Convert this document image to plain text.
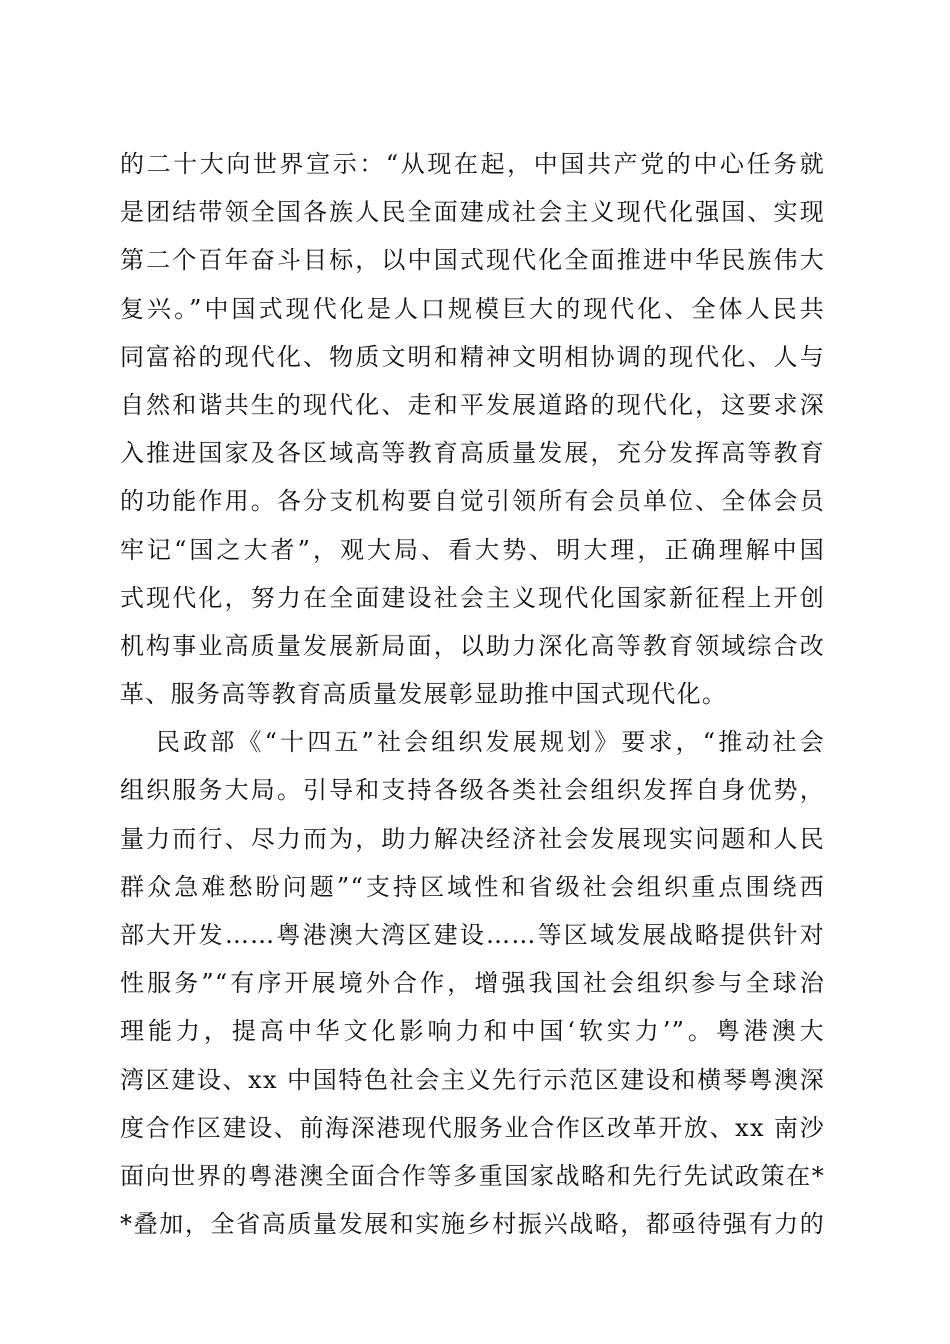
的二十大向世界宣示：“从现在起，中国共产党的中心任务就
是团结带领全国各族人民全面建成社会主义现代化强国、实现
第二个百年奋斗目标，以中国式现代化全面推进中华民族伟大
复兴。”中国式现代化是人口规模巨大的现代化、全体人民共
同富裕的现代化、物质文明和精神文明相协调的现代化、人与
自然和谐共生的现代化、走和平发展道路的现代化，这要求深
入推进国家及各区域高等教育高质量发展，充分发挥高等教育
的功能作用。各分支机构要自觉引领所有会员单位、全体会员
牢记“国之大者”，观大局、看大势、明大理，正确理解中国
式现代化，努力在全面建设社会主义现代化国家新征程上开创
机构事业高质量发展新局面，以助力深化高等教育领域综合改
革、服务高等教育高质量发展彰显助推中国式现代化。
民政部《“十四五”社会组织发展规划》要求，“推动社会
组织服务大局。引导和支持各级各类社会组织发挥自身优势，
量力而行、尽力而为，助力解决经济社会发展现实问题和人民
群众急难愁盼问题”“支持区域性和省级社会组织重点围绕西
部大开发……粤港澳大湾区建设……等区域发展战略提供针对
性服务”“有序开展境外合作，增强我国社会组织参与全球治
理能力，提高中华文化影响力和中国‘软实力’”。粤港澳大
湾区建设、xx 中国特色社会主义先行示范区建设和横琴粤澳深
度合作区建设、前海深港现代服务业合作区改革开放、xx 南沙
面向世界的粤港澳全面合作等多重国家战略和先行先试政策在*
*叠加，全省高质量发展和实施乡村振兴战略，都亟待强有力的
